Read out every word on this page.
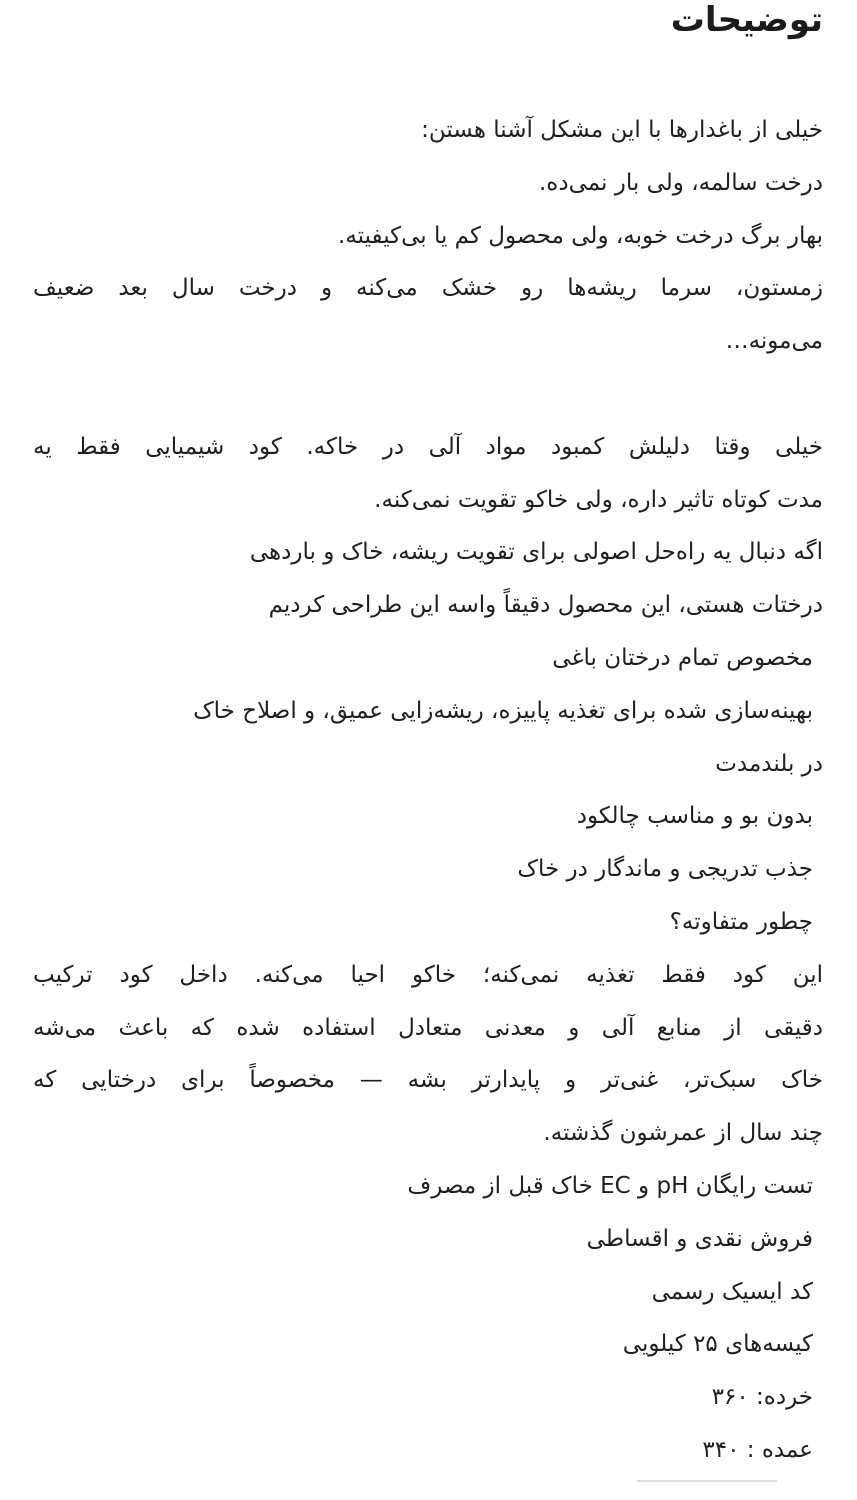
توضیحات
خیلی از باغدارها با این مشکل آشنا هستن:
درخت سالمه، ولی بار نمی‌ده.
بهار برگ درخت خوبه، ولی محصول کم یا بی‌کیفیته.
زمستون، سرما ریشه‌ها رو خشک می‌کنه و درخت سال بعد ضعیف
می‌مونه…
خیلی وقتا دلیلش کمبود مواد آلی در خاکه. کود شیمیایی فقط یه
مدت کوتاه تاثیر داره، ولی خاکو تقویت نمی‌کنه.
اگه دنبال یه راه‌حل اصولی برای تقویت ریشه، خاک و باردهی
درختات هستی، این محصول دقیقاً واسه این طراحی کردیم
مخصوص تمام درختان باغی
بهینه‌سازی شده برای تغذیه پاییزه، ریشه‌زایی عمیق، و اصلاح خاک
در بلندمدت
بدون بو و مناسب چالکود
جذب تدریجی و ماندگار در خاک
چطور متفاوته؟
این کود فقط تغذیه نمی‌کنه؛ خاکو احیا می‌کنه. داخل کود ترکیب
دقیقی از منابع آلی و معدنی متعادل استفاده شده که باعث می‌شه
خاک سبک‌تر، غنی‌تر و پایدارتر بشه — مخصوصاً برای درختایی که
چند سال از عمرشون گذشته.
تست رایگان pH و EC خاک قبل از مصرف
فروش نقدی و اقساطی
کد ایسیک رسمی
کیسه‌های ۲۵ کیلویی
خرده: ۳۶۰
عمده : ۳۴۰
